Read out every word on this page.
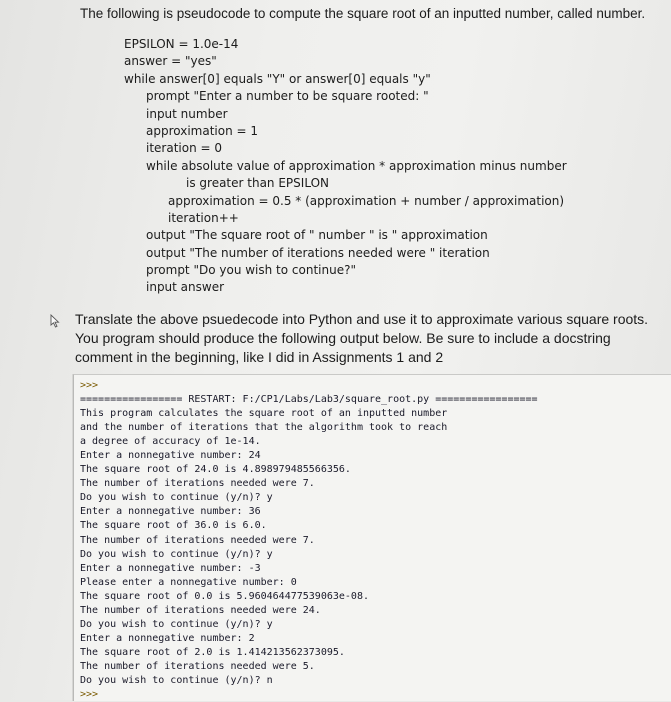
The following is pseudocode to compute the square root of an inputted number, called number.
EPSILON = 1.0e-14
answer = "yes"
while answer[0] equals "Y" or answer[0] equals "y"
prompt "Enter a number to be square rooted: "
input number
approximation = 1
iteration = 0
while absolute value of approximation * approximation minus number
is greater than EPSILON
approximation = 0.5 * (approximation + number / approximation)
iteration++
output "The square root of " number " is " approximation
output "The number of iterations needed were " iteration
prompt "Do you wish to continue?"
input answer
Translate the above psuedecode into Python and use it to approximate various square roots.
You program should produce the following output below. Be sure to include a docstring
comment in the beginning, like I did in Assignments 1 and 2
>>>
================= RESTART: F:/CP1/Labs/Lab3/square_root.py =================
This program calculates the square root of an inputted number
and the number of iterations that the algorithm took to reach
a degree of accuracy of 1e-14.
Enter a nonnegative number: 24
The square root of 24.0 is 4.898979485566356.
The number of iterations needed were 7.
Do you wish to continue (y/n)? y
Enter a nonnegative number: 36
The square root of 36.0 is 6.0.
The number of iterations needed were 7.
Do you wish to continue (y/n)? y
Enter a nonnegative number: -3
Please enter a nonnegative number: 0
The square root of 0.0 is 5.960464477539063e-08.
The number of iterations needed were 24.
Do you wish to continue (y/n)? y
Enter a nonnegative number: 2
The square root of 2.0 is 1.414213562373095.
The number of iterations needed were 5.
Do you wish to continue (y/n)? n
>>>
